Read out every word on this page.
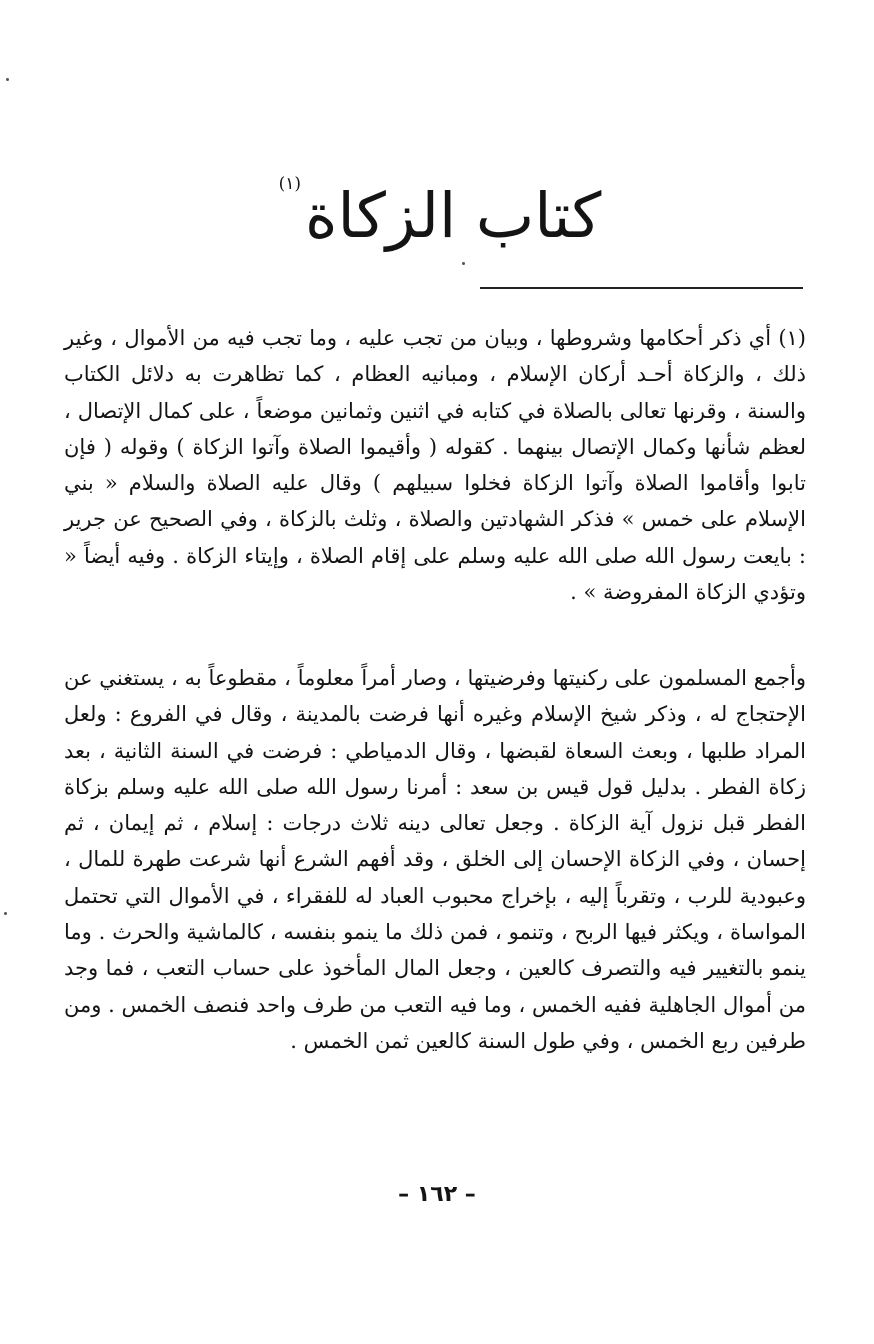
كتاب الزكاة(١)

(١) أي ذكر أحكامها وشروطها ، وبيان من تجب عليه ، وما تجب فيه من الأموال ، وغير ذلك ، والزكاة أحـد أركان الإسلام ، ومبانيه العظام ، كما تظاهرت به دلائل الكتاب والسنة ، وقرنها تعالى بالصلاة في كتابه في اثنين وثمانين موضعاً ، على كمال الإتصال ، لعظم شأنها وكمال الإتصال بينهما . كقوله ( وأقيموا الصلاة وآتوا الزكاة ) وقوله ( فإن تابوا وأقاموا الصلاة وآتوا الزكاة فخلوا سبيلهم ) وقال عليه الصلاة والسلام « بني الإسلام على خمس » فذكر الشهادتين والصلاة ، وثلث بالزكاة ، وفي الصحيح عن جرير : بايعت رسول الله صلى الله عليه وسلم على إقام الصلاة ، وإيتاء الزكاة . وفيه أيضاً « وتؤدي الزكاة المفروضة » .

وأجمع المسلمون على ركنيتها وفرضيتها ، وصار أمراً معلوماً ، مقطوعاً به ، يستغني عن الإحتجاج له ، وذكر شيخ الإسلام وغيره أنها فرضت بالمدينة ، وقال في الفروع : ولعل المراد طلبها ، وبعث السعاة لقبضها ، وقال الدمياطي : فرضت في السنة الثانية ، بعد زكاة الفطر . بدليل قول قيس بن سعد : أمرنا رسول الله صلى الله عليه وسلم بزكاة الفطر قبل نزول آية الزكاة . وجعل تعالى دينه ثلاث درجات : إسلام ، ثم إيمان ، ثم إحسان ، وفي الزكاة الإحسان إلى الخلق ، وقد أفهم الشرع أنها شرعت طهرة للمال ، وعبودية للرب ، وتقرباً إليه ، بإخراج محبوب العباد له للفقراء ، في الأموال التي تحتمل المواساة ، ويكثر فيها الربح ، وتنمو ، فمن ذلك ما ينمو بنفسه ، كالماشية والحرث . وما ينمو بالتغيير فيه والتصرف كالعين ، وجعل المال المأخوذ على حساب التعب ، فما وجد من أموال الجاهلية ففيه الخمس ، وما فيه التعب من طرف واحد فنصف الخمس . ومن طرفين ربع الخمس ، وفي طول السنة كالعين ثمن الخمس .

– ١٦٢ –
